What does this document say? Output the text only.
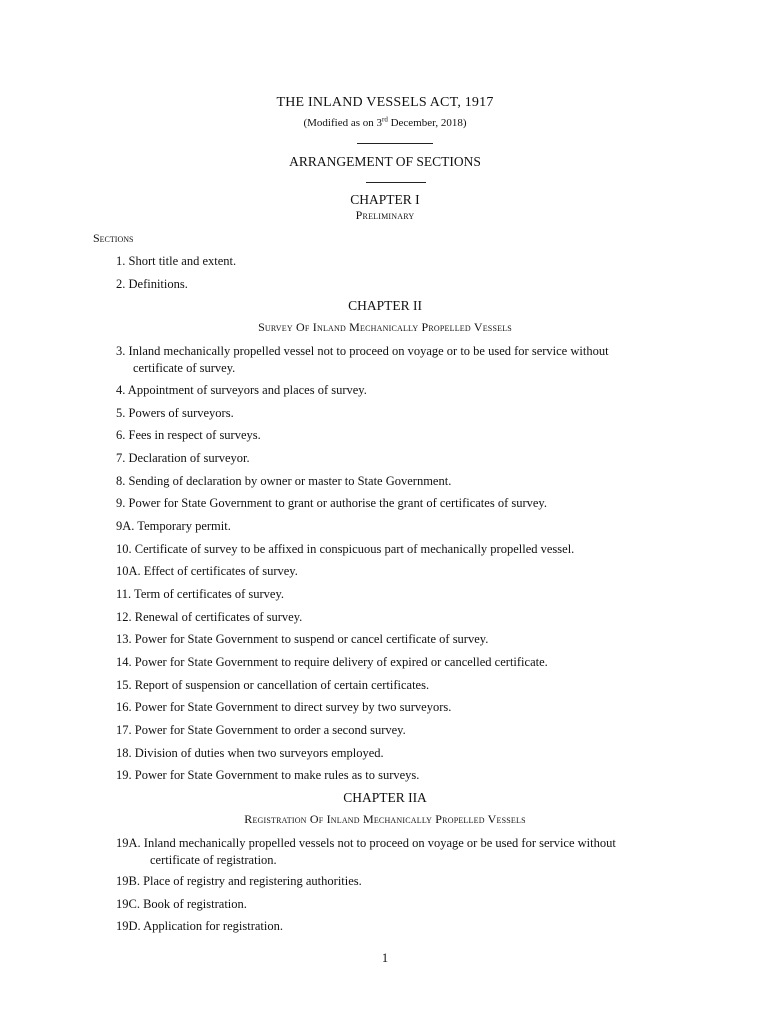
THE INLAND VESSELS ACT, 1917
(Modified as on 3rd December, 2018)
ARRANGEMENT OF SECTIONS
CHAPTER I
Preliminary
Sections
1. Short title and extent.
2. Definitions.
CHAPTER II
Survey Of Inland Mechanically Propelled Vessels
3. Inland mechanically propelled vessel not to proceed on voyage or to be used for service without
certificate of survey.
4. Appointment of surveyors and places of survey.
5. Powers of surveyors.
6. Fees in respect of surveys.
7. Declaration of surveyor.
8. Sending of declaration by owner or master to State Government.
9. Power for State Government to grant or authorise the grant of certificates of survey.
9A. Temporary permit.
10. Certificate of survey to be affixed in conspicuous part of mechanically propelled vessel.
10A. Effect of certificates of survey.
11. Term of certificates of survey.
12. Renewal of certificates of survey.
13. Power for State Government to suspend or cancel certificate of survey.
14. Power for State Government to require delivery of expired or cancelled certificate.
15. Report of suspension or cancellation of certain certificates.
16. Power for State Government to direct survey by two surveyors.
17. Power for State Government to order a second survey.
18. Division of duties when two surveyors employed.
19. Power for State Government to make rules as to surveys.
CHAPTER IIA
Registration Of Inland Mechanically Propelled Vessels
19A. Inland mechanically propelled vessels not to proceed on voyage or be used for service without
certificate of registration.
19B. Place of registry and registering authorities.
19C. Book of registration.
19D. Application for registration.
1
